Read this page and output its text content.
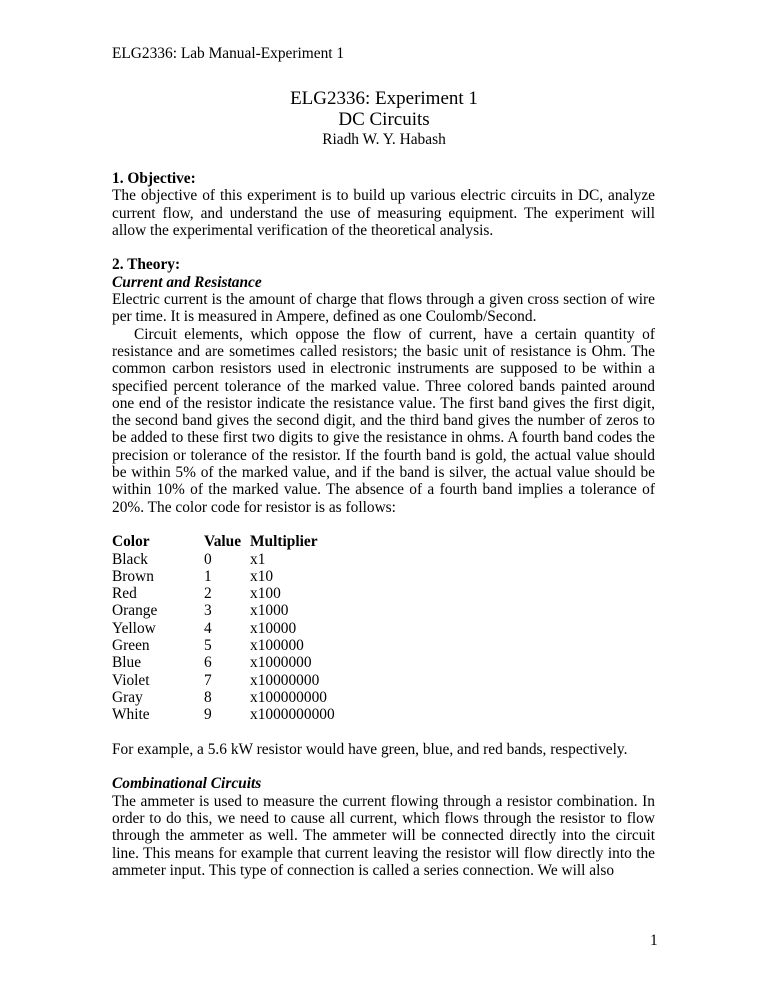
ELG2336: Lab Manual-Experiment 1
ELG2336: Experiment 1
DC Circuits
Riadh W. Y. Habash
1. Objective:

The objective of this experiment is to build up various electric circuits in DC, analyze current flow, and understand the use of measuring equipment. The experiment will allow the experimental verification of the theoretical analysis.

2. Theory:
Current and Resistance

Electric current is the amount of charge that flows through a given cross section of wire per time. It is measured in Ampere, defined as one Coulomb/Second.

Circuit elements, which oppose the flow of current, have a certain quantity of resistance and are sometimes called resistors; the basic unit of resistance is Ohm. The common carbon resistors used in electronic instruments are supposed to be within a specified percent tolerance of the marked value. Three colored bands painted around one end of the resistor indicate the resistance value. The first band gives the first digit, the second band gives the second digit, and the third band gives the number of zeros to be added to these first two digits to give the resistance in ohms. A fourth band codes the precision or tolerance of the resistor. If the fourth band is gold, the actual value should be within 5% of the marked value, and if the band is silver, the actual value should be within 10% of the marked value. The absence of a fourth band implies a tolerance of 20%. The color code for resistor is as follows:

Color	Value	Multiplier
Black	0	x1
Brown	1	x10
Red	2	x100
Orange	3	x1000
Yellow	4	x10000
Green	5	x100000
Blue	6	x1000000
Violet	7	x10000000
Gray	8	x100000000
White	9	x1000000000

For example, a 5.6 kW resistor would have green, blue, and red bands, respectively.

Combinational Circuits

The ammeter is used to measure the current flowing through a resistor combination. In order to do this, we need to cause all current, which flows through the resistor to flow through the ammeter as well. The ammeter will be connected directly into the circuit line. This means for example that current leaving the resistor will flow directly into the ammeter input. This type of connection is called a series connection. We will also

1
